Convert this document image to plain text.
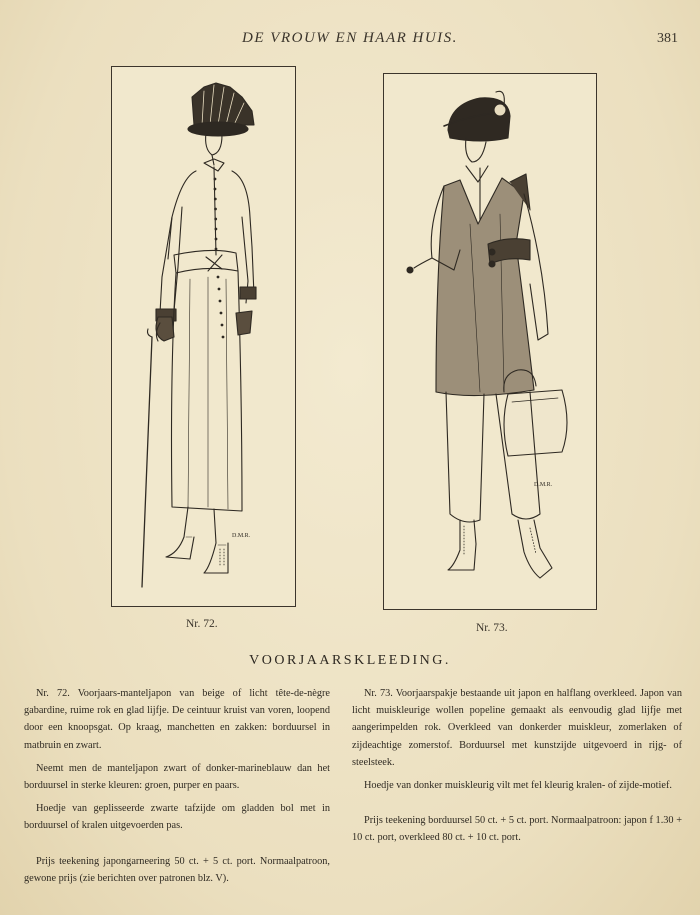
DE VROUW EN HAAR HUIS.	381
D.M.R.
Nr. 72.
D.M.R.
Nr. 73.
VOORJAARSKLEEDING.

Nr. 72. Voorjaars-manteljapon van beige of licht tête-de-nègre gabardine, ruime rok en glad lijfje. De ceintuur kruist van voren, loopend door een knoopsgat. Op kraag, manchetten en zakken: borduursel in matbruin en zwart.

Neemt men de manteljapon zwart of donker-marineblauw dan het borduursel in sterke kleuren: groen, purper en paars.

Hoedje van geplisseerde zwarte tafzijde om gladden bol met in borduursel of kralen uitgevoerden pas.

Prijs teekening japongarneering 50 ct. + 5 ct. port. Normaalpatroon, gewone prijs (zie berichten over patronen blz. V).

Nr. 73. Voorjaarspakje bestaande uit japon en halflang overkleed. Japon van licht muiskleurige wollen popeline gemaakt als eenvoudig glad lijfje met aangerimpelden rok. Overkleed van donkerder muiskleur, zomerlaken of zijdeachtige zomerstof. Borduursel met kunstzijde uitgevoerd in rijg- of steelsteek.

Hoedje van donker muiskleurig vilt met fel kleurig kralen- of zijde-motief.

Prijs teekening borduursel 50 ct. + 5 ct. port. Normaalpatroon: japon f 1.30 + 10 ct. port, overkleed 80 ct. + 10 ct. port.
